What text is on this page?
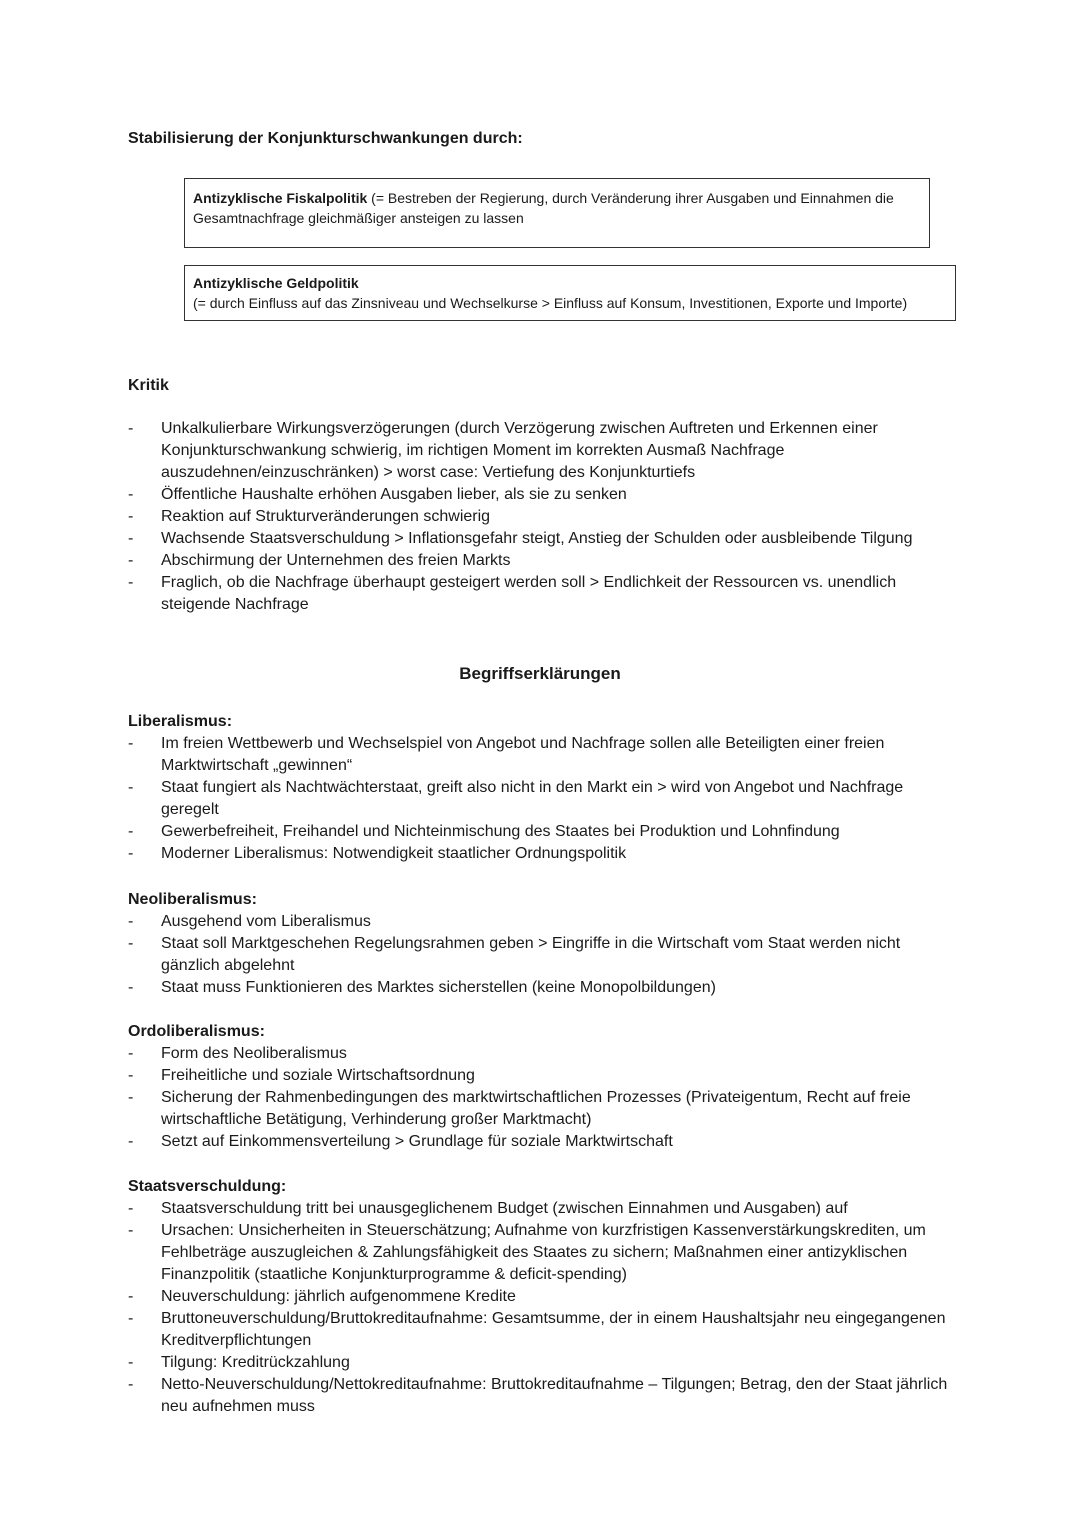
Stabilisierung der Konjunkturschwankungen durch:
Antizyklische Fiskalpolitik (= Bestreben der Regierung, durch Veränderung ihrer Ausgaben und Einnahmen die Gesamtnachfrage gleichmäßiger ansteigen zu lassen
Antizyklische Geldpolitik
(= durch Einfluss auf das Zinsniveau und Wechselkurse > Einfluss auf Konsum, Investitionen, Exporte und Importe)

Kritik

- Unkalkulierbare Wirkungsverzögerungen (durch Verzögerung zwischen Auftreten und Erkennen einer Konjunkturschwankung schwierig, im richtigen Moment im korrekten Ausmaß Nachfrage auszudehnen/einzuschränken) > worst case: Vertiefung des Konjunkturtiefs
- Öffentliche Haushalte erhöhen Ausgaben lieber, als sie zu senken
- Reaktion auf Strukturveränderungen schwierig
- Wachsende Staatsverschuldung > Inflationsgefahr steigt, Anstieg der Schulden oder ausbleibende Tilgung
- Abschirmung der Unternehmen des freien Markts
- Fraglich, ob die Nachfrage überhaupt gesteigert werden soll > Endlichkeit der Ressourcen vs. unendlich steigende Nachfrage
Begriffserklärungen

Liberalismus:

- Im freien Wettbewerb und Wechselspiel von Angebot und Nachfrage sollen alle Beteiligten einer freien Marktwirtschaft „gewinnen“
- Staat fungiert als Nachtwächterstaat, greift also nicht in den Markt ein > wird von Angebot und Nachfrage geregelt
- Gewerbefreiheit, Freihandel und Nichteinmischung des Staates bei Produktion und Lohnfindung
- Moderner Liberalismus: Notwendigkeit staatlicher Ordnungspolitik

Neoliberalismus:

- Ausgehend vom Liberalismus
- Staat soll Marktgeschehen Regelungsrahmen geben > Eingriffe in die Wirtschaft vom Staat werden nicht gänzlich abgelehnt
- Staat muss Funktionieren des Marktes sicherstellen (keine Monopolbildungen)

Ordoliberalismus:

- Form des Neoliberalismus
- Freiheitliche und soziale Wirtschaftsordnung
- Sicherung der Rahmenbedingungen des marktwirtschaftlichen Prozesses (Privateigentum, Recht auf freie wirtschaftliche Betätigung, Verhinderung großer Marktmacht)
- Setzt auf Einkommensverteilung > Grundlage für soziale Marktwirtschaft

Staatsverschuldung:

- Staatsverschuldung tritt bei unausgeglichenem Budget (zwischen Einnahmen und Ausgaben) auf
- Ursachen: Unsicherheiten in Steuerschätzung; Aufnahme von kurzfristigen Kassenverstärkungskrediten, um Fehlbeträge auszugleichen & Zahlungsfähigkeit des Staates zu sichern; Maßnahmen einer antizyklischen Finanzpolitik (staatliche Konjunkturprogramme & deficit-spending)
- Neuverschuldung: jährlich aufgenommene Kredite
- Bruttoneuverschuldung/Bruttokreditaufnahme: Gesamtsumme, der in einem Haushaltsjahr neu eingegangenen Kreditverpflichtungen
- Tilgung: Kreditrückzahlung
- Netto-Neuverschuldung/Nettokreditaufnahme: Bruttokreditaufnahme – Tilgungen; Betrag, den der Staat jährlich neu aufnehmen muss
